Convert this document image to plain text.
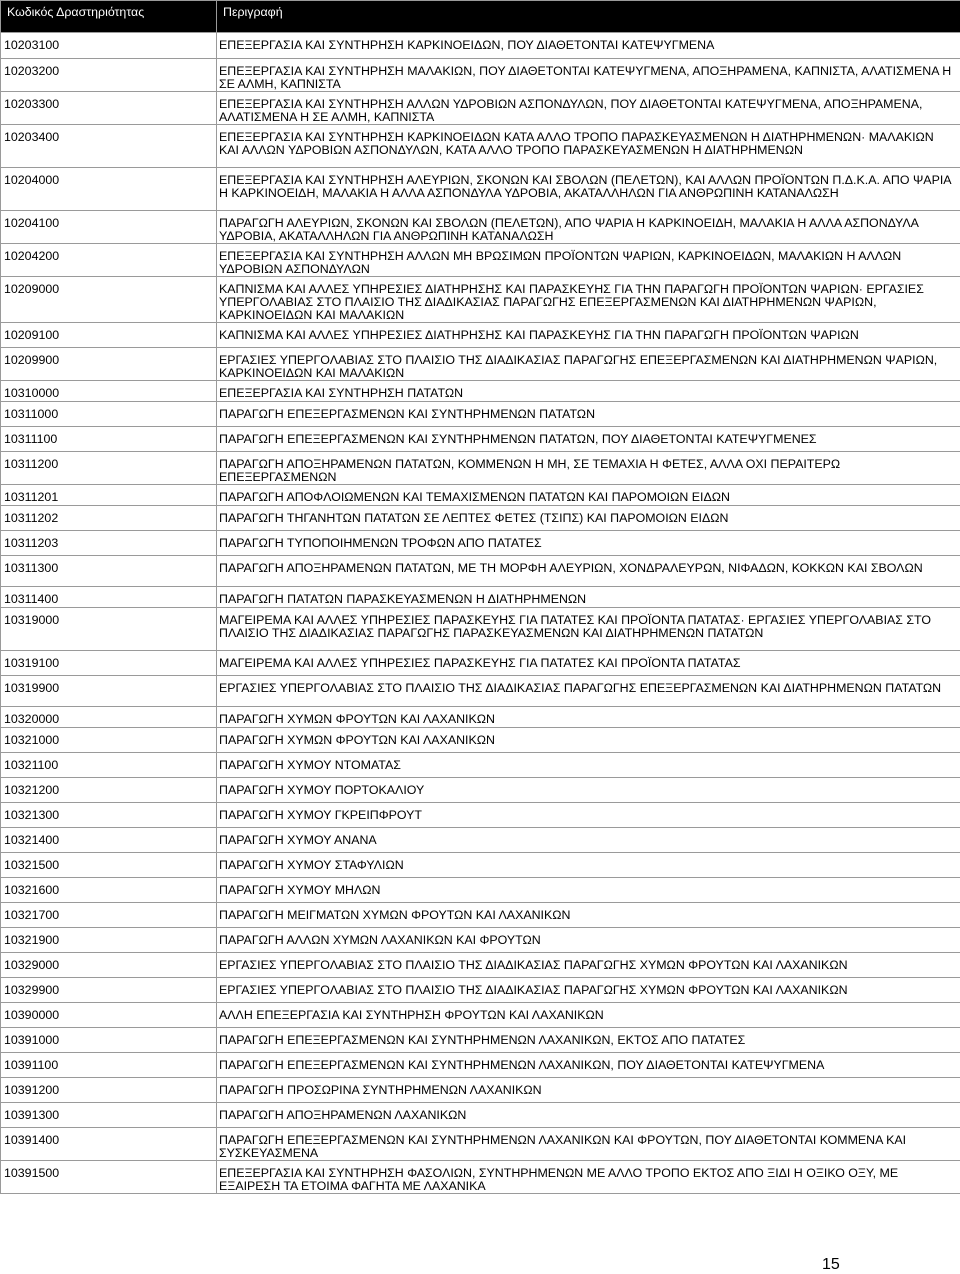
Κωδικός Δραστηριότητας	Περιγραφή
10203100	ΕΠΕΞΕΡΓΑΣΙΑ ΚΑΙ ΣΥΝΤΗΡΗΣΗ ΚΑΡΚΙΝΟΕΙΔΩΝ, ΠΟΥ ΔΙΑΘΕΤΟΝΤΑΙ ΚΑΤΕΨΥΓΜΕΝΑ
10203200	ΕΠΕΞΕΡΓΑΣΙΑ ΚΑΙ ΣΥΝΤΗΡΗΣΗ ΜΑΛΑΚΙΩΝ, ΠΟΥ ΔΙΑΘΕΤΟΝΤΑΙ ΚΑΤΕΨΥΓΜΕΝΑ, ΑΠΟΞΗΡΑΜΕΝΑ, ΚΑΠΝΙΣΤΑ, ΑΛΑΤΙΣΜΕΝΑ Η ΣΕ ΑΛΜΗ, ΚΑΠΝΙΣΤΑ
10203300	ΕΠΕΞΕΡΓΑΣΙΑ ΚΑΙ ΣΥΝΤΗΡΗΣΗ ΑΛΛΩΝ ΥΔΡΟΒΙΩΝ ΑΣΠΟΝΔΥΛΩΝ, ΠΟΥ ΔΙΑΘΕΤΟΝΤΑΙ ΚΑΤΕΨΥΓΜΕΝΑ, ΑΠΟΞΗΡΑΜΕΝΑ, ΑΛΑΤΙΣΜΕΝΑ Η ΣΕ ΑΛΜΗ, ΚΑΠΝΙΣΤΑ
10203400	ΕΠΕΞΕΡΓΑΣΙΑ ΚΑΙ ΣΥΝΤΗΡΗΣΗ ΚΑΡΚΙΝΟΕΙΔΩΝ ΚΑΤΑ ΑΛΛΟ ΤΡΟΠΟ ΠΑΡΑΣΚΕΥΑΣΜΕΝΩΝ Η ΔΙΑΤΗΡΗΜΕΝΩΝ· ΜΑΛΑΚΙΩΝ ΚΑΙ ΑΛΛΩΝ ΥΔΡΟΒΙΩΝ ΑΣΠΟΝΔΥΛΩΝ, ΚΑΤΑ ΑΛΛΟ ΤΡΟΠΟ ΠΑΡΑΣΚΕΥΑΣΜΕΝΩΝ Η ΔΙΑΤΗΡΗΜΕΝΩΝ
10204000	ΕΠΕΞΕΡΓΑΣΙΑ ΚΑΙ ΣΥΝΤΗΡΗΣΗ ΑΛΕΥΡΙΩΝ, ΣΚΟΝΩΝ ΚΑΙ ΣΒΟΛΩΝ (ΠΕΛΕΤΩΝ), ΚΑΙ ΑΛΛΩΝ ΠΡΟΪΟΝΤΩΝ Π.Δ.Κ.Α. ΑΠΟ ΨΑΡΙΑ Η ΚΑΡΚΙΝΟΕΙΔΗ, ΜΑΛΑΚΙΑ Η ΑΛΛΑ ΑΣΠΟΝΔΥΛΑ ΥΔΡΟΒΙΑ, ΑΚΑΤΑΛΛΗΛΩΝ ΓΙΑ ΑΝΘΡΩΠΙΝΗ ΚΑΤΑΝΑΛΩΣΗ
10204100	ΠΑΡΑΓΩΓΗ ΑΛΕΥΡΙΩΝ, ΣΚΟΝΩΝ ΚΑΙ ΣΒΟΛΩΝ (ΠΕΛΕΤΩΝ), ΑΠΟ ΨΑΡΙΑ Η ΚΑΡΚΙΝΟΕΙΔΗ, ΜΑΛΑΚΙΑ Η ΑΛΛΑ ΑΣΠΟΝΔΥΛΑ ΥΔΡΟΒΙΑ, ΑΚΑΤΑΛΛΗΛΩΝ ΓΙΑ ΑΝΘΡΩΠΙΝΗ ΚΑΤΑΝΑΛΩΣΗ
10204200	ΕΠΕΞΕΡΓΑΣΙΑ ΚΑΙ ΣΥΝΤΗΡΗΣΗ ΑΛΛΩΝ ΜΗ ΒΡΩΣΙΜΩΝ ΠΡΟΪΟΝΤΩΝ ΨΑΡΙΩΝ, ΚΑΡΚΙΝΟΕΙΔΩΝ, ΜΑΛΑΚΙΩΝ Η ΑΛΛΩΝ ΥΔΡΟΒΙΩΝ ΑΣΠΟΝΔΥΛΩΝ
10209000	ΚΑΠΝΙΣΜΑ ΚΑΙ ΑΛΛΕΣ ΥΠΗΡΕΣΙΕΣ ΔΙΑΤΗΡΗΣΗΣ ΚΑΙ ΠΑΡΑΣΚΕΥΗΣ ΓΙΑ ΤΗΝ ΠΑΡΑΓΩΓΗ ΠΡΟΪΟΝΤΩΝ ΨΑΡΙΩΝ· ΕΡΓΑΣΙΕΣ ΥΠΕΡΓΟΛΑΒΙΑΣ ΣΤΟ ΠΛΑΙΣΙΟ ΤΗΣ ΔΙΑΔΙΚΑΣΙΑΣ ΠΑΡΑΓΩΓΗΣ ΕΠΕΞΕΡΓΑΣΜΕΝΩΝ ΚΑΙ ΔΙΑΤΗΡΗΜΕΝΩΝ ΨΑΡΙΩΝ, ΚΑΡΚΙΝΟΕΙΔΩΝ ΚΑΙ ΜΑΛΑΚΙΩΝ
10209100	ΚΑΠΝΙΣΜΑ ΚΑΙ ΑΛΛΕΣ ΥΠΗΡΕΣΙΕΣ ΔΙΑΤΗΡΗΣΗΣ ΚΑΙ ΠΑΡΑΣΚΕΥΗΣ ΓΙΑ ΤΗΝ ΠΑΡΑΓΩΓΗ ΠΡΟΪΟΝΤΩΝ ΨΑΡΙΩΝ
10209900	ΕΡΓΑΣΙΕΣ ΥΠΕΡΓΟΛΑΒΙΑΣ ΣΤΟ ΠΛΑΙΣΙΟ ΤΗΣ ΔΙΑΔΙΚΑΣΙΑΣ ΠΑΡΑΓΩΓΗΣ ΕΠΕΞΕΡΓΑΣΜΕΝΩΝ ΚΑΙ ΔΙΑΤΗΡΗΜΕΝΩΝ ΨΑΡΙΩΝ, ΚΑΡΚΙΝΟΕΙΔΩΝ ΚΑΙ ΜΑΛΑΚΙΩΝ
10310000	ΕΠΕΞΕΡΓΑΣΙΑ ΚΑΙ ΣΥΝΤΗΡΗΣΗ ΠΑΤΑΤΩΝ
10311000	ΠΑΡΑΓΩΓΗ ΕΠΕΞΕΡΓΑΣΜΕΝΩΝ ΚΑΙ ΣΥΝΤΗΡΗΜΕΝΩΝ ΠΑΤΑΤΩΝ
10311100	ΠΑΡΑΓΩΓΗ ΕΠΕΞΕΡΓΑΣΜΕΝΩΝ ΚΑΙ ΣΥΝΤΗΡΗΜΕΝΩΝ ΠΑΤΑΤΩΝ, ΠΟΥ ΔΙΑΘΕΤΟΝΤΑΙ ΚΑΤΕΨΥΓΜΕΝΕΣ
10311200	ΠΑΡΑΓΩΓΗ ΑΠΟΞΗΡΑΜΕΝΩΝ ΠΑΤΑΤΩΝ, ΚΟΜΜΕΝΩΝ Η ΜΗ, ΣΕ ΤΕΜΑΧΙΑ Η ΦΕΤΕΣ, ΑΛΛΑ ΟΧΙ ΠΕΡΑΙΤΕΡΩ ΕΠΕΞΕΡΓΑΣΜΕΝΩΝ
10311201	ΠΑΡΑΓΩΓΗ ΑΠΟΦΛΟΙΩΜΕΝΩΝ ΚΑΙ ΤΕΜΑΧΙΣΜΕΝΩΝ ΠΑΤΑΤΩΝ ΚΑΙ ΠΑΡΟΜΟΙΩΝ ΕΙΔΩΝ
10311202	ΠΑΡΑΓΩΓΗ ΤΗΓΑΝΗΤΩΝ ΠΑΤΑΤΩΝ ΣΕ ΛΕΠΤΕΣ ΦΕΤΕΣ (ΤΣΙΠΣ) ΚΑΙ ΠΑΡΟΜΟΙΩΝ ΕΙΔΩΝ
10311203	ΠΑΡΑΓΩΓΗ ΤΥΠΟΠΟΙΗΜΕΝΩΝ ΤΡΟΦΩΝ ΑΠΟ ΠΑΤΑΤΕΣ
10311300	ΠΑΡΑΓΩΓΗ ΑΠΟΞΗΡΑΜΕΝΩΝ ΠΑΤΑΤΩΝ, ΜΕ ΤΗ ΜΟΡΦΗ ΑΛΕΥΡΙΩΝ, ΧΟΝΔΡΑΛΕΥΡΩΝ, ΝΙΦΑΔΩΝ, ΚΟΚΚΩΝ ΚΑΙ ΣΒΟΛΩΝ
10311400	ΠΑΡΑΓΩΓΗ ΠΑΤΑΤΩΝ ΠΑΡΑΣΚΕΥΑΣΜΕΝΩΝ Η ΔΙΑΤΗΡΗΜΕΝΩΝ
10319000	ΜΑΓΕΙΡΕΜΑ ΚΑΙ ΑΛΛΕΣ ΥΠΗΡΕΣΙΕΣ ΠΑΡΑΣΚΕΥΗΣ ΓΙΑ ΠΑΤΑΤΕΣ ΚΑΙ ΠΡΟΪΟΝΤΑ ΠΑΤΑΤΑΣ· ΕΡΓΑΣΙΕΣ ΥΠΕΡΓΟΛΑΒΙΑΣ ΣΤΟ ΠΛΑΙΣΙΟ ΤΗΣ ΔΙΑΔΙΚΑΣΙΑΣ ΠΑΡΑΓΩΓΗΣ ΠΑΡΑΣΚΕΥΑΣΜΕΝΩΝ ΚΑΙ ΔΙΑΤΗΡΗΜΕΝΩΝ ΠΑΤΑΤΩΝ
10319100	ΜΑΓΕΙΡΕΜΑ ΚΑΙ ΑΛΛΕΣ ΥΠΗΡΕΣΙΕΣ ΠΑΡΑΣΚΕΥΗΣ ΓΙΑ ΠΑΤΑΤΕΣ ΚΑΙ ΠΡΟΪΟΝΤΑ ΠΑΤΑΤΑΣ
10319900	ΕΡΓΑΣΙΕΣ ΥΠΕΡΓΟΛΑΒΙΑΣ ΣΤΟ ΠΛΑΙΣΙΟ ΤΗΣ ΔΙΑΔΙΚΑΣΙΑΣ ΠΑΡΑΓΩΓΗΣ ΕΠΕΞΕΡΓΑΣΜΕΝΩΝ ΚΑΙ ΔΙΑΤΗΡΗΜΕΝΩΝ ΠΑΤΑΤΩΝ
10320000	ΠΑΡΑΓΩΓΗ ΧΥΜΩΝ ΦΡΟΥΤΩΝ ΚΑΙ ΛΑΧΑΝΙΚΩΝ
10321000	ΠΑΡΑΓΩΓΗ ΧΥΜΩΝ ΦΡΟΥΤΩΝ ΚΑΙ ΛΑΧΑΝΙΚΩΝ
10321100	ΠΑΡΑΓΩΓΗ ΧΥΜΟΥ ΝΤΟΜΑΤΑΣ
10321200	ΠΑΡΑΓΩΓΗ ΧΥΜΟΥ ΠΟΡΤΟΚΑΛΙΟΥ
10321300	ΠΑΡΑΓΩΓΗ ΧΥΜΟΥ ΓΚΡΕΙΠΦΡΟΥΤ
10321400	ΠΑΡΑΓΩΓΗ ΧΥΜΟΥ ΑΝΑΝΑ
10321500	ΠΑΡΑΓΩΓΗ ΧΥΜΟΥ ΣΤΑΦΥΛΙΩΝ
10321600	ΠΑΡΑΓΩΓΗ ΧΥΜΟΥ ΜΗΛΩΝ
10321700	ΠΑΡΑΓΩΓΗ ΜΕΙΓΜΑΤΩΝ ΧΥΜΩΝ ΦΡΟΥΤΩΝ ΚΑΙ ΛΑΧΑΝΙΚΩΝ
10321900	ΠΑΡΑΓΩΓΗ ΑΛΛΩΝ ΧΥΜΩΝ ΛΑΧΑΝΙΚΩΝ ΚΑΙ ΦΡΟΥΤΩΝ
10329000	ΕΡΓΑΣΙΕΣ ΥΠΕΡΓΟΛΑΒΙΑΣ ΣΤΟ ΠΛΑΙΣΙΟ ΤΗΣ ΔΙΑΔΙΚΑΣΙΑΣ ΠΑΡΑΓΩΓΗΣ ΧΥΜΩΝ ΦΡΟΥΤΩΝ ΚΑΙ ΛΑΧΑΝΙΚΩΝ
10329900	ΕΡΓΑΣΙΕΣ ΥΠΕΡΓΟΛΑΒΙΑΣ ΣΤΟ ΠΛΑΙΣΙΟ ΤΗΣ ΔΙΑΔΙΚΑΣΙΑΣ ΠΑΡΑΓΩΓΗΣ ΧΥΜΩΝ ΦΡΟΥΤΩΝ ΚΑΙ ΛΑΧΑΝΙΚΩΝ
10390000	ΑΛΛΗ ΕΠΕΞΕΡΓΑΣΙΑ ΚΑΙ ΣΥΝΤΗΡΗΣΗ ΦΡΟΥΤΩΝ ΚΑΙ ΛΑΧΑΝΙΚΩΝ
10391000	ΠΑΡΑΓΩΓΗ ΕΠΕΞΕΡΓΑΣΜΕΝΩΝ ΚΑΙ ΣΥΝΤΗΡΗΜΕΝΩΝ ΛΑΧΑΝΙΚΩΝ, ΕΚΤΟΣ ΑΠΟ ΠΑΤΑΤΕΣ
10391100	ΠΑΡΑΓΩΓΗ ΕΠΕΞΕΡΓΑΣΜΕΝΩΝ ΚΑΙ ΣΥΝΤΗΡΗΜΕΝΩΝ ΛΑΧΑΝΙΚΩΝ, ΠΟΥ ΔΙΑΘΕΤΟΝΤΑΙ ΚΑΤΕΨΥΓΜΕΝΑ
10391200	ΠΑΡΑΓΩΓΗ ΠΡΟΣΩΡΙΝΑ ΣΥΝΤΗΡΗΜΕΝΩΝ ΛΑΧΑΝΙΚΩΝ
10391300	ΠΑΡΑΓΩΓΗ ΑΠΟΞΗΡΑΜΕΝΩΝ ΛΑΧΑΝΙΚΩΝ
10391400	ΠΑΡΑΓΩΓΗ ΕΠΕΞΕΡΓΑΣΜΕΝΩΝ ΚΑΙ ΣΥΝΤΗΡΗΜΕΝΩΝ ΛΑΧΑΝΙΚΩΝ ΚΑΙ ΦΡΟΥΤΩΝ, ΠΟΥ ΔΙΑΘΕΤΟΝΤΑΙ ΚΟΜΜΕΝΑ ΚΑΙ ΣΥΣΚΕΥΑΣΜΕΝΑ
10391500	ΕΠΕΞΕΡΓΑΣΙΑ ΚΑΙ ΣΥΝΤΗΡΗΣΗ ΦΑΣΟΛΙΩΝ, ΣΥΝΤΗΡΗΜΕΝΩΝ ΜΕ ΑΛΛΟ ΤΡΟΠΟ ΕΚΤΟΣ ΑΠΟ ΞΙΔΙ Η ΟΞΙΚΟ ΟΞΥ, ΜΕ ΕΞΑΙΡΕΣΗ ΤΑ ΕΤΟΙΜΑ ΦΑΓΗΤΑ ΜΕ ΛΑΧΑΝΙΚΑ
15
